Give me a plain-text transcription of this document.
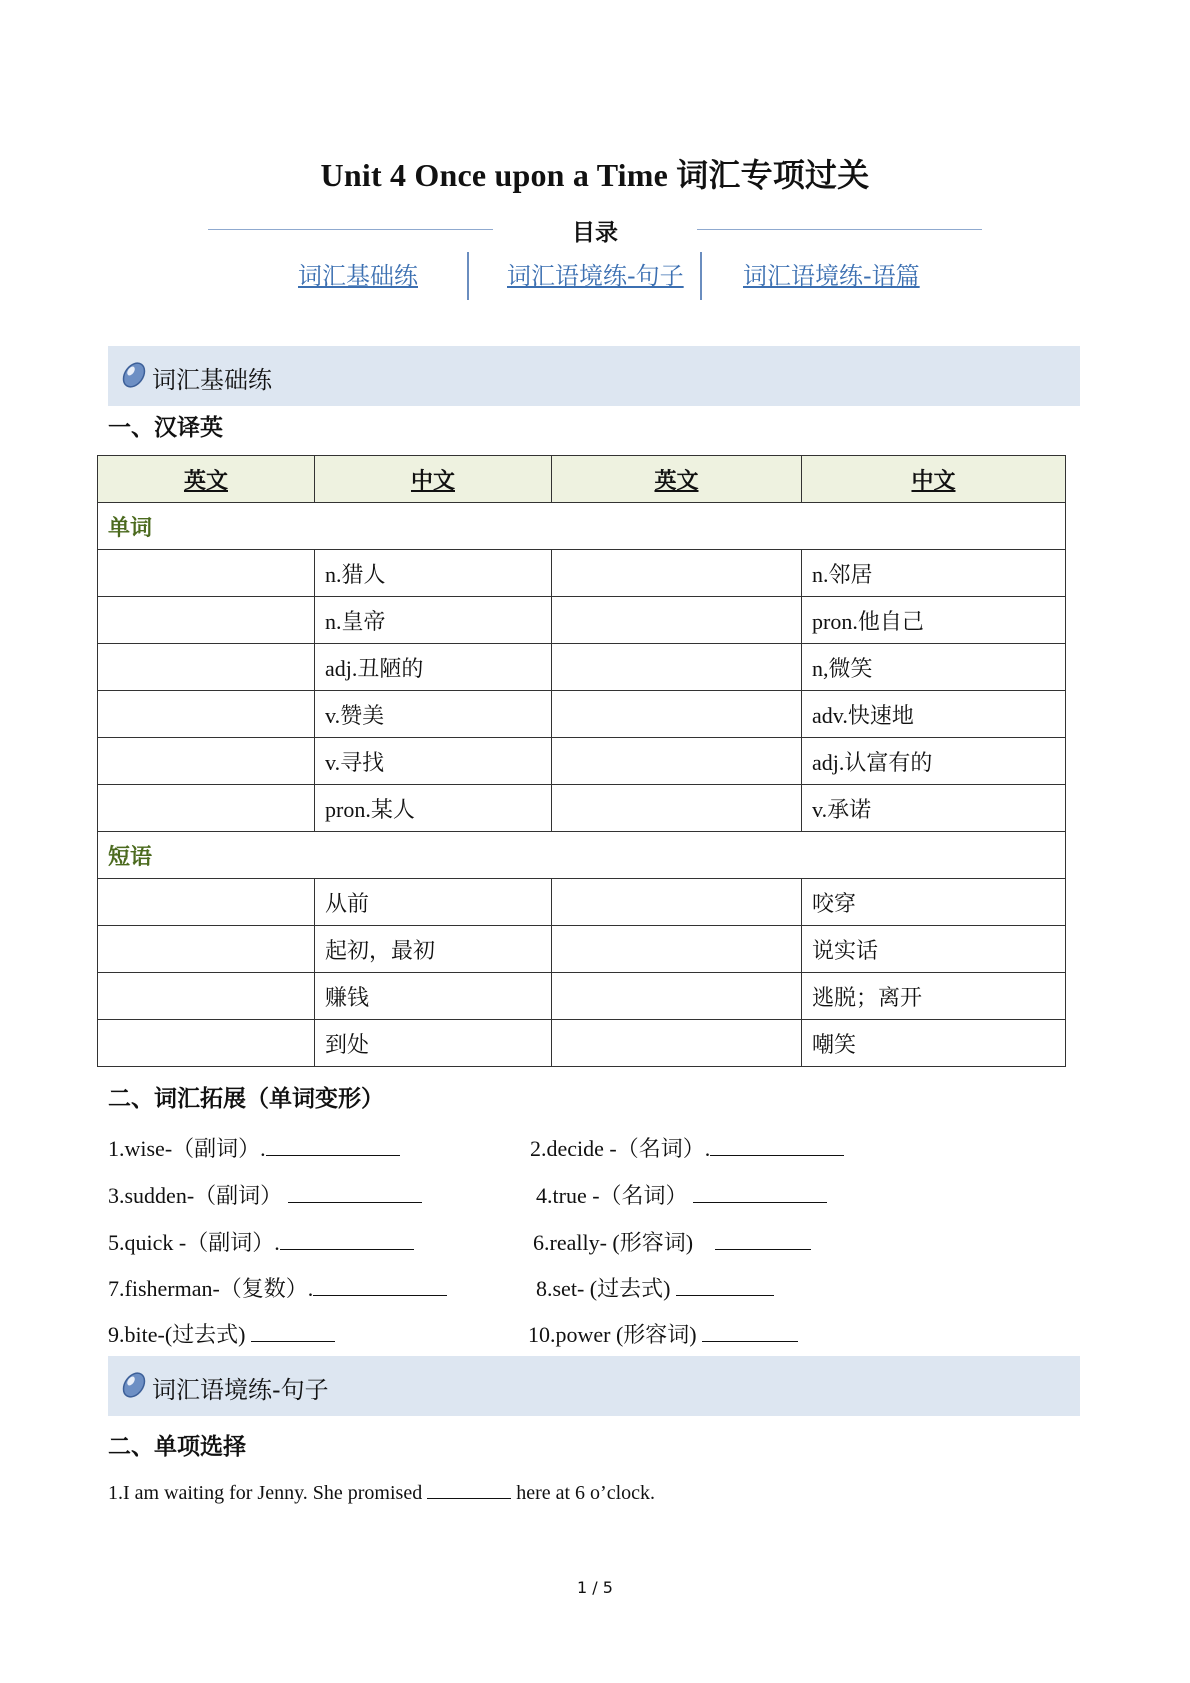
Unit 4 Once upon a Time 词汇专项过关
目录
词汇基础练	词汇语境练-句子 词汇语境练-语篇
词汇基础练
一、汉译英
英文	中文	英文	中文
单词			
	n.猎人		n.邻居
	n.皇帝		pron.他自己
	adj.丑陋的		n,微笑
	v.赞美		adv.快速地
	v.寻找		adj.认富有的
	pron.某人		v.承诺
短语			
	从前		咬穿
	起初，最初		说实话
	赚钱		逃脱；离开
	到处		嘲笑
二、词汇拓展（单词变形）
1.wise-（副词）.	2.decide -（名词）.
3.sudden-（副词）	4.true -（名词）
5.quick -（副词）.	6.really- (形容词)
7.fisherman-（复数）.	8.set- (过去式)
9.bite-(过去式)	10.power (形容词)
词汇语境练-句子
二、单项选择
1.I am waiting for Jenny. She promised	here at 6 o’clock.
1 / 5
